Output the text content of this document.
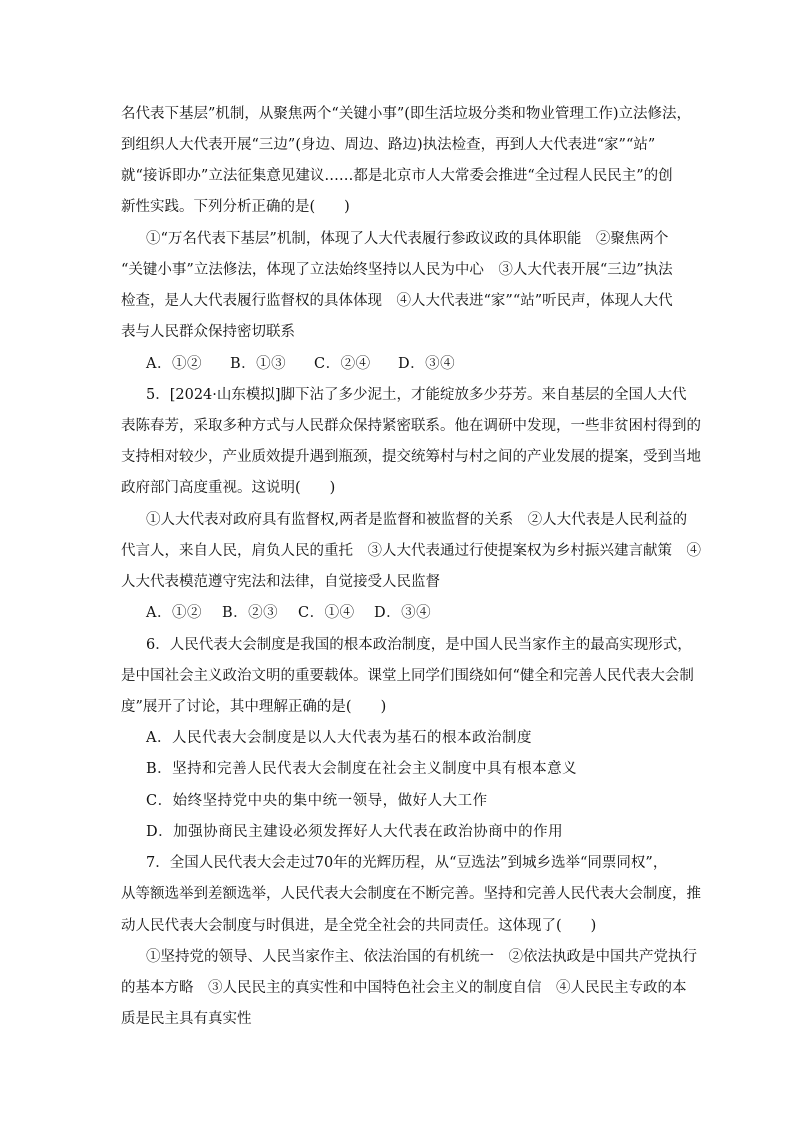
名代表下基层”机制，从聚焦两个“关键小事”(即生活垃圾分类和物业管理工作)立法修法，
到组织人大代表开展“三边”(身边、周边、路边)执法检查，再到人大代表进“家”“站”
就“接诉即办”立法征集意见建议……都是北京市人大常委会推进“全过程人民民主”的创
新性实践。下列分析正确的是(　　)
①“万名代表下基层”机制，体现了人大代表履行参政议政的具体职能　②聚焦两个
“关键小事”立法修法，体现了立法始终坚持以人民为中心　③人大代表开展“三边”执法
检查，是人大代表履行监督权的具体体现　④人大代表进“家”“站”听民声，体现人大代
表与人民群众保持密切联系
A．①② B．①③ C．②④ D．③④
5．[2024·山东模拟]脚下沾了多少泥土，才能绽放多少芬芳。来自基层的全国人大代
表陈春芳，采取多种方式与人民群众保持紧密联系。他在调研中发现，一些非贫困村得到的
支持相对较少，产业质效提升遇到瓶颈，提交统筹村与村之间的产业发展的提案，受到当地
政府部门高度重视。这说明(　　)
①人大代表对政府具有监督权,两者是监督和被监督的关系　②人大代表是人民利益的
代言人，来自人民，肩负人民的重托　③人大代表通过行使提案权为乡村振兴建言献策　④
人大代表模范遵守宪法和法律，自觉接受人民监督
A．①② B．②③ C．①④ D．③④
6．人民代表大会制度是我国的根本政治制度，是中国人民当家作主的最高实现形式，
是中国社会主义政治文明的重要载体。课堂上同学们围绕如何“健全和完善人民代表大会制
度”展开了讨论，其中理解正确的是(　　)
A．人民代表大会制度是以人大代表为基石的根本政治制度
B．坚持和完善人民代表大会制度在社会主义制度中具有根本意义
C．始终坚持党中央的集中统一领导，做好人大工作
D．加强协商民主建设必须发挥好人大代表在政治协商中的作用
7．全国人民代表大会走过70年的光辉历程，从“豆选法”到城乡选举“同票同权”，
从等额选举到差额选举，人民代表大会制度在不断完善。坚持和完善人民代表大会制度，推
动人民代表大会制度与时俱进，是全党全社会的共同责任。这体现了(　　)
①坚持党的领导、人民当家作主、依法治国的有机统一　②依法执政是中国共产党执行
的基本方略　③人民民主的真实性和中国特色社会主义的制度自信　④人民民主专政的本
质是民主具有真实性
